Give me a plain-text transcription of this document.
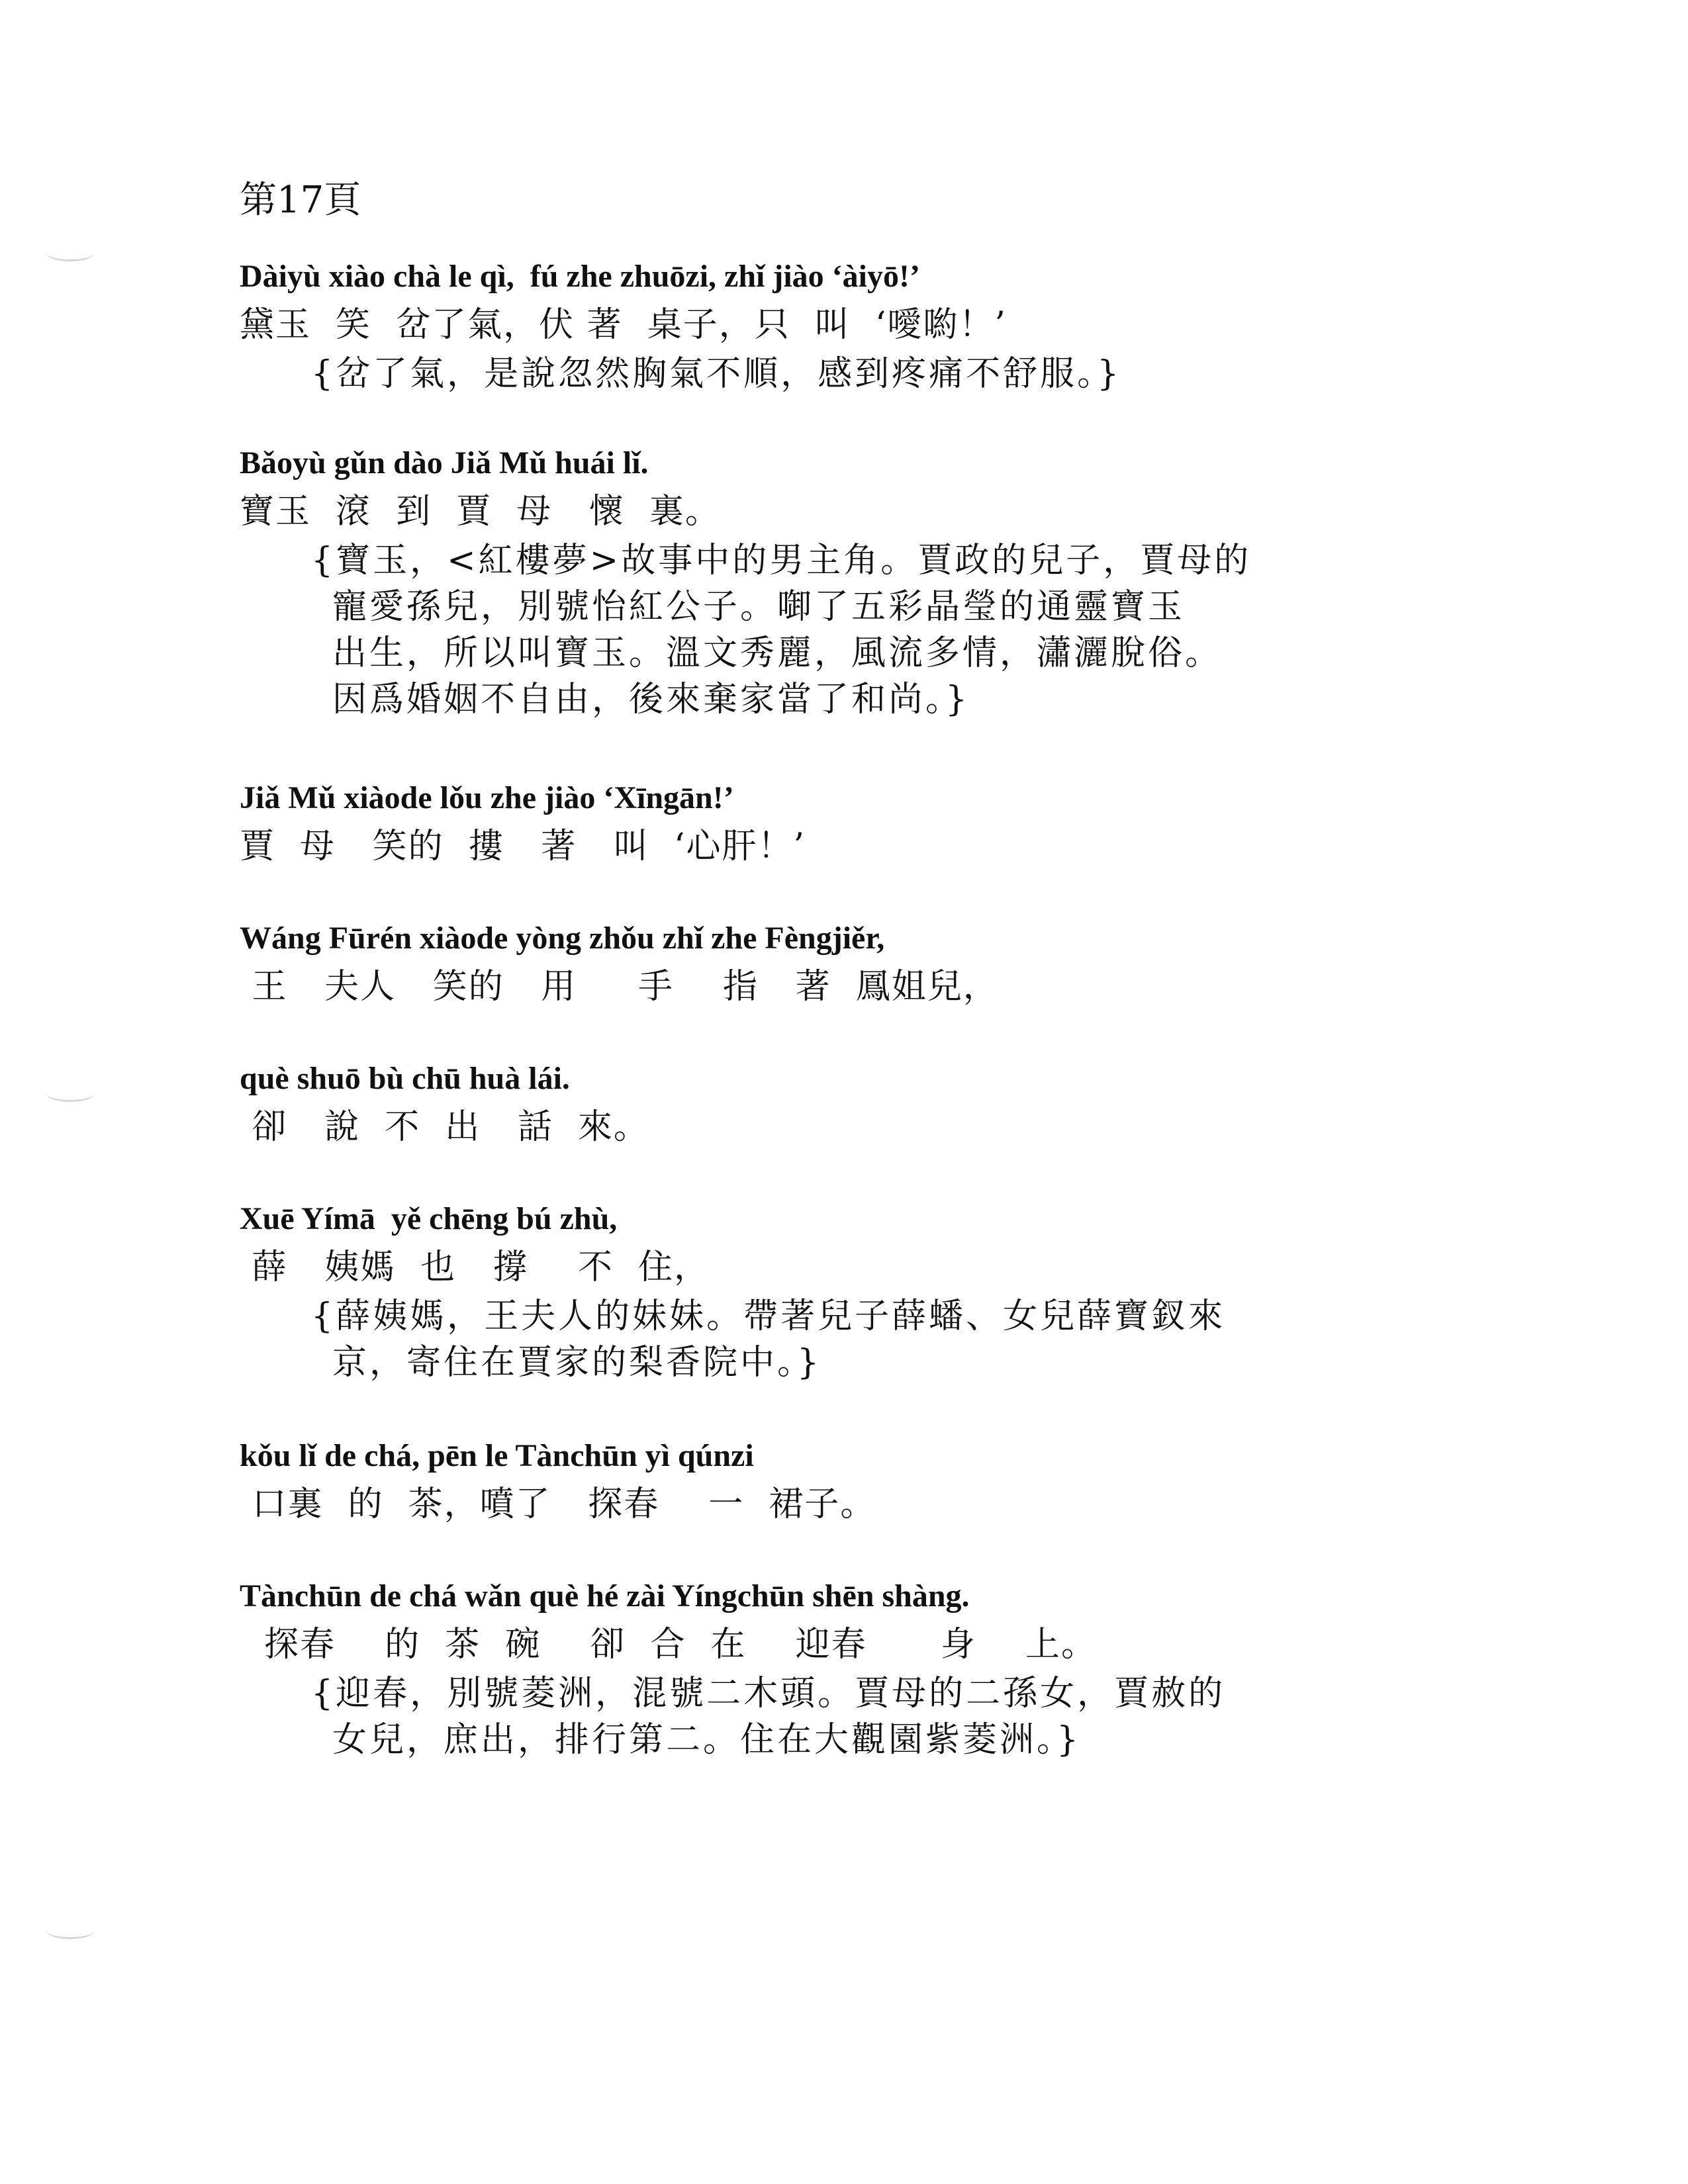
第17頁
Dàiyù xiào chà le qì,  fú zhe zhuōzi, zhǐ jiào ‘àiyō!’
黛玉  笑  岔了氣，伏 著  桌子，只  叫  ‘噯喲！’
{岔了氣，是說忽然胸氣不順，感到疼痛不舒服。}
Bǎoyù gǔn dào Jiǎ Mǔ huái lǐ.
寶玉  滾  到  賈  母   懷  裏。
{寶玉，<紅樓夢>故事中的男主角。賈政的兒子，賈母的
寵愛孫兒，別號怡紅公子。啣了五彩晶瑩的通靈寶玉
出生，所以叫寶玉。溫文秀麗，風流多情，瀟灑脫俗。
因爲婚姻不自由，後來棄家當了和尚。}
Jiǎ Mǔ xiàode lǒu zhe jiào ‘Xīngān!’
賈  母   笑的  摟   著   叫  ‘心肝！’
Wáng Fūrén xiàode yòng zhǒu zhǐ zhe Fèngjiěr,
王   夫人   笑的   用     手    指   著  鳳姐兒，
què shuō bù chū huà lái.
卻   說  不  出   話  來。
Xuē Yímā  yě chēng bú zhù,
薛   姨媽  也   撐    不  住，
{薛姨媽，王夫人的妹妹。帶著兒子薛蟠、女兒薛寶釵來
京，寄住在賈家的梨香院中。}
kǒu lǐ de chá, pēn le Tànchūn yì qúnzi
口裏  的  茶，噴了   探春    一  裙子。
Tànchūn de chá wǎn què hé zài Yíngchūn shēn shàng.
探春    的  茶  碗    卻  合  在    迎春      身    上。
{迎春，別號菱洲，混號二木頭。賈母的二孫女，賈赦的
女兒，庶出，排行第二。住在大觀園紫菱洲。}
